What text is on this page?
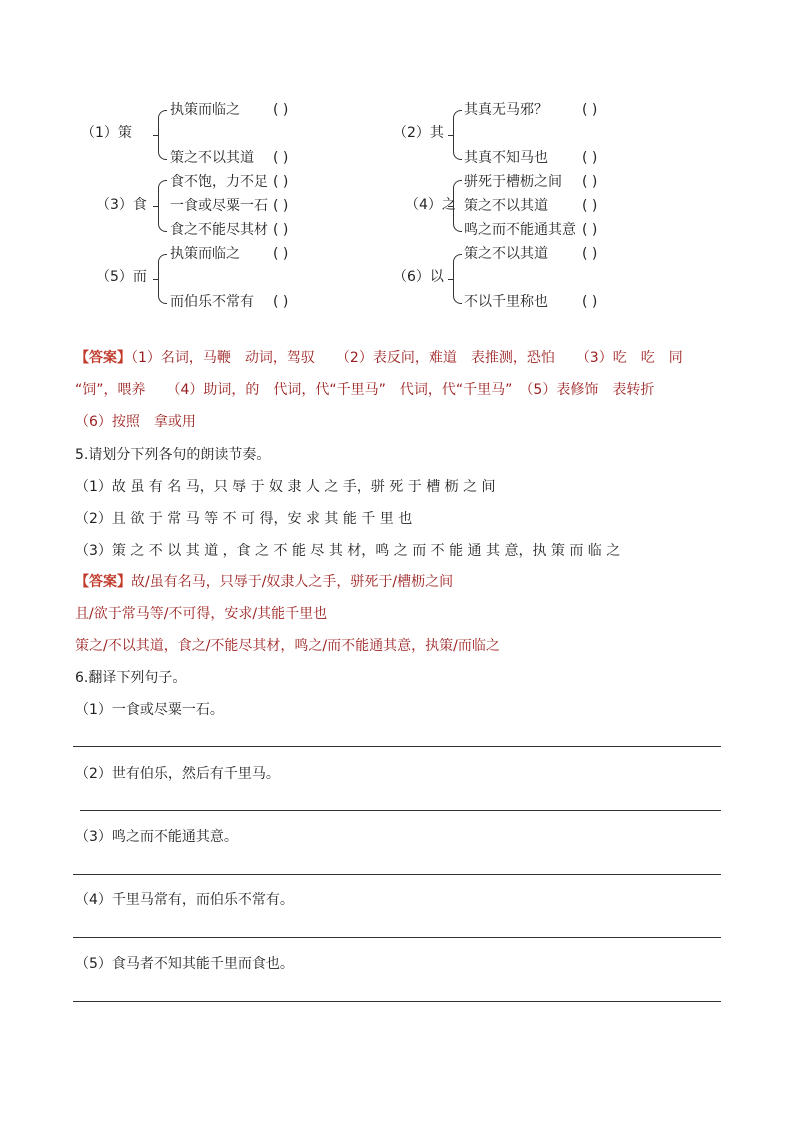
（1）策
执策而临之 ( )
策之不以其道 ( )
（2）其
其真无马邪？ ( )
其真不知马也 ( )
（3）食
食不饱，力不足 ( )
一食或尽粟一石 ( )
食之不能尽其材 ( )
（4）之
骈死于槽枥之间 ( )
策之不以其道 ( )
鸣之而不能通其意 ( )
（5）而
执策而临之 ( )
而伯乐不常有 ( )
（6）以
策之不以其道 ( )
不以千里称也 ( )
【答案】（1）名词，马鞭　动词，驾驭　　（2）表反问，难道　表推测，恐怕　　（3）吃　吃　同
“饲”，喂养　　（4）助词，的　代词，代“千里马”　代词，代“千里马”　（5）表修饰　表转折
（6）按照　拿或用
5.请划分下列各句的朗读节奏。
（1）故 虽 有 名 马，只 辱 于 奴 隶 人 之 手，骈 死 于 槽 枥 之 间
（2）且 欲 于 常 马 等 不 可 得，安 求 其 能 千 里 也
（3）策 之 不 以 其 道 ，食 之 不 能 尽 其 材，鸣 之 而 不 能 通 其 意，执 策 而 临 之
【答案】故/虽有名马，只辱于/奴隶人之手，骈死于/槽枥之间
且/欲于常马等/不可得，安求/其能千里也
策之/不以其道，食之/不能尽其材，鸣之/而不能通其意，执策/而临之
6.翻译下列句子。
（1）一食或尽粟一石。
（2）世有伯乐，然后有千里马。
（3）鸣之而不能通其意。
（4）千里马常有，而伯乐不常有。
（5）食马者不知其能千里而食也。
